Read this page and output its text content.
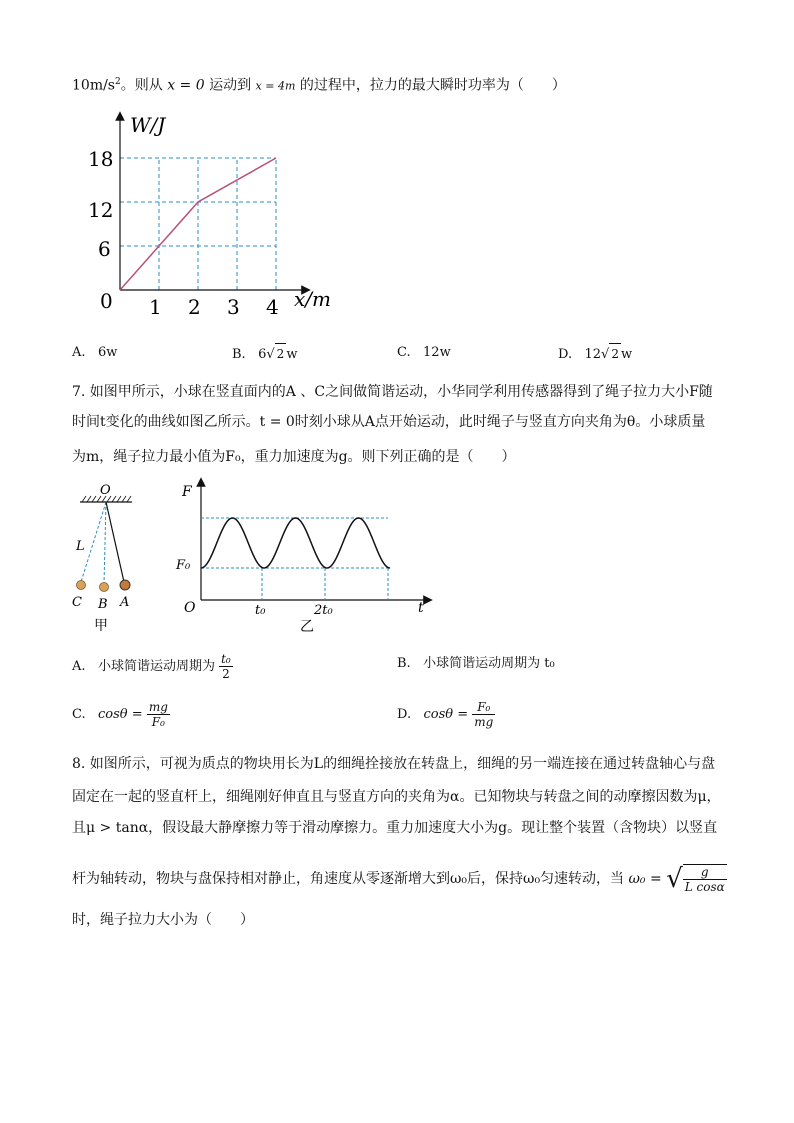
$10m/s^2$。则从 x = 0 运动到 x = 4m 的过程中，拉力的最大瞬时功率为（　　）
W/J
x/m
0
18
12
6
1 2 3 4
A. 6w	B. 6√ 2 w	C. 12w	D. 12√ 2 w
7. 如图甲所示，小球在竖直面内的A 、C之间做简谐运动，小华同学利用传感器得到了绳子拉力大小F随
时间t变化的曲线如图乙所示。t = 0时刻小球从A点开始运动，此时绳子与竖直方向夹角为θ。小球质量
为m，绳子拉力最小值为F₀，重力加速度为g。则下列正确的是（　　）
O
L
C B A
甲
F
t
O
F₀
t₀	2t₀
乙
A. 小球简谐运动周期为 $\frac{\text{t₀}}{2}$	B. 小球简谐运动周期为 t₀
C. $\cos\theta = \frac{mg}{\text{F₀}}$	D. $\cos\theta = \frac{\text{F₀}}{mg}$
8. 如图所示，可视为质点的物块用长为L的细绳拴接放在转盘上，细绳的另一端连接在通过转盘轴心与盘
固定在一起的竖直杆上，细绳刚好伸直且与竖直方向的夹角为α。已知物块与转盘之间的动摩擦因数为μ，
且μ > tanα，假设最大静摩擦力等于滑动摩擦力。重力加速度大小为g。现让整个装置（含物块）以竖直
杆为轴转动，物块与盘保持相对静止，角速度从零逐渐增大到ω₀后，保持ω₀匀速转动，当 ω₀ = √ $\frac{g}{\text{L cosα}}$
时，绳子拉力大小为（　　）
